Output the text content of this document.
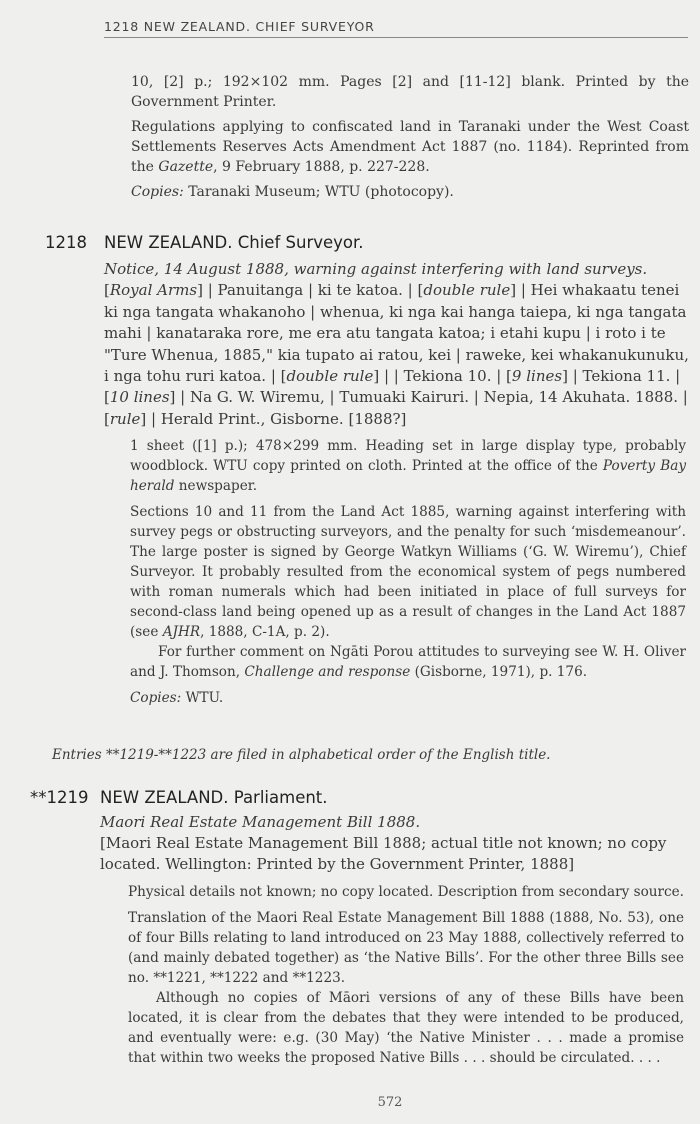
1218 NEW ZEALAND. CHIEF SURVEYOR

10, [2] p.; 192×102 mm. Pages [2] and [11-12] blank. Printed by the Government Printer.

Regulations applying to confiscated land in Taranaki under the West Coast Settlements Reserves Acts Amendment Act 1887 (no. 1184). Reprinted from the Gazette, 9 February 1888, p. 227-228.

Copies: Taranaki Museum; WTU (photocopy).

1218 NEW ZEALAND. Chief Surveyor.

Notice, 14 August 1888, warning against interfering with land surveys.

[Royal Arms] | Panuitanga | ki te katoa. | [double rule] | Hei whakaatu tenei ki nga tangata whakanoho | whenua, ki nga kai hanga taiepa, ki nga tangata mahi | kanataraka rore, me era atu tangata katoa; i etahi kupu | i roto i te "Ture Whenua, 1885," kia tupato ai ratou, kei | raweke, kei whakanukunuku, i nga tohu ruri katoa. | [double rule] | | Tekiona 10. | [9 lines] | Tekiona 11. | [10 lines] | Na G. W. Wiremu, | Tumuaki Kairuri. | Nepia, 14 Akuhata. 1888. | [rule] | Herald Print., Gisborne. [1888?]

1 sheet ([1] p.); 478×299 mm. Heading set in large display type, probably woodblock. WTU copy printed on cloth. Printed at the office of the Poverty Bay herald newspaper.

Sections 10 and 11 from the Land Act 1885, warning against interfering with survey pegs or obstructing surveyors, and the penalty for such ‘misdemeanour’. The large poster is signed by George Watkyn Williams (‘G. W. Wiremu’), Chief Surveyor. It probably resulted from the economical system of pegs numbered with roman numerals which had been initiated in place of full surveys for second-class land being opened up as a result of changes in the Land Act 1887 (see AJHR, 1888, C-1A, p. 2).

For further comment on Ngāti Porou attitudes to surveying see W. H. Oliver and J. Thomson, Challenge and response (Gisborne, 1971), p. 176.

Copies: WTU.

Entries **1219-**1223 are filed in alphabetical order of the English title.
**1219 NEW ZEALAND. Parliament.

Maori Real Estate Management Bill 1888.

[Maori Real Estate Management Bill 1888; actual title not known; no copy located. Wellington: Printed by the Government Printer, 1888]

Physical details not known; no copy located. Description from secondary source.

Translation of the Maori Real Estate Management Bill 1888 (1888, No. 53), one of four Bills relating to land introduced on 23 May 1888, collectively referred to (and mainly debated together) as ‘the Native Bills’. For the other three Bills see no. **1221, **1222 and **1223.

Although no copies of Māori versions of any of these Bills have been located, it is clear from the debates that they were intended to be produced, and eventually were: e.g. (30 May) ‘the Native Minister . . . made a promise that within two weeks the proposed Native Bills . . . should be circulated. . . .

572
